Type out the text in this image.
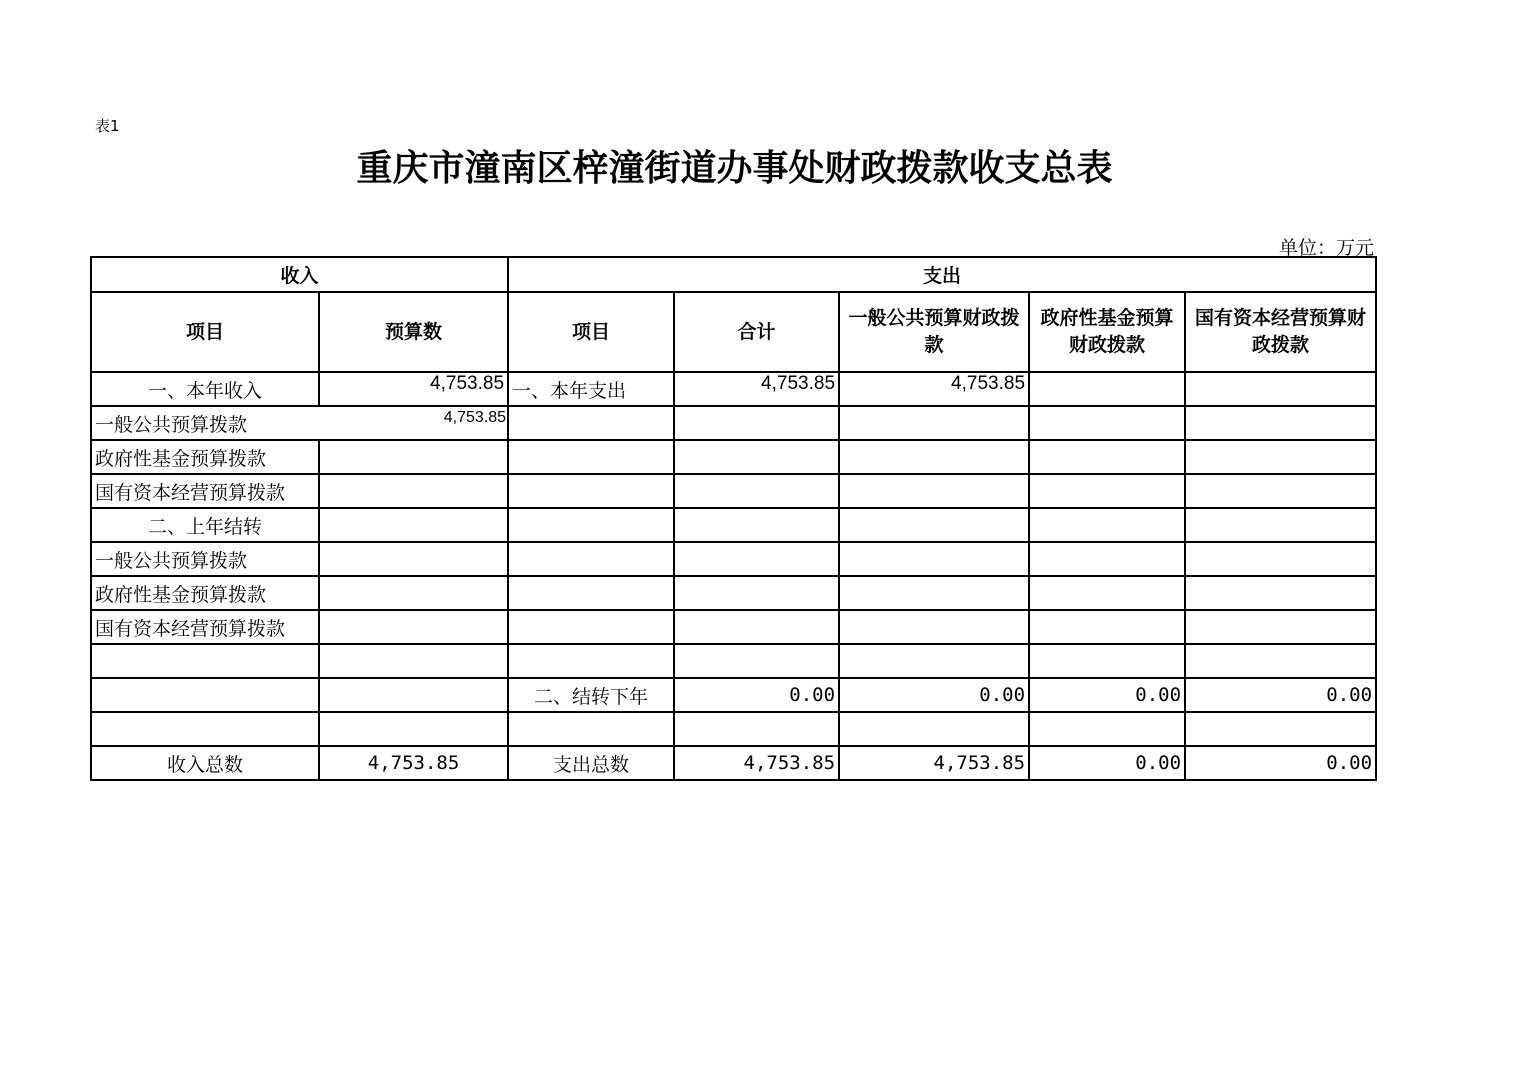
表1
重庆市潼南区梓潼街道办事处财政拨款收支总表
单位：万元
收入		支出				
项目	预算数	项目	合计	一般公共预算财政拨款	政府性基金预算财政拨款	国有资本经营预算财政拨款
一、本年收入	4,753.85	一、本年支出	4,753.85	4,753.85		
一般公共预算拨款 4,753.85						

政府性基金预算拨款						
国有资本经营预算拨款						
二、上年结转						
一般公共预算拨款						
政府性基金预算拨款						
国有资本经营预算拨款						

		二、结转下年	0.00	0.00	0.00	0.00

收入总数	4,753.85	支出总数	4,753.85	4,753.85	0.00	0.00
